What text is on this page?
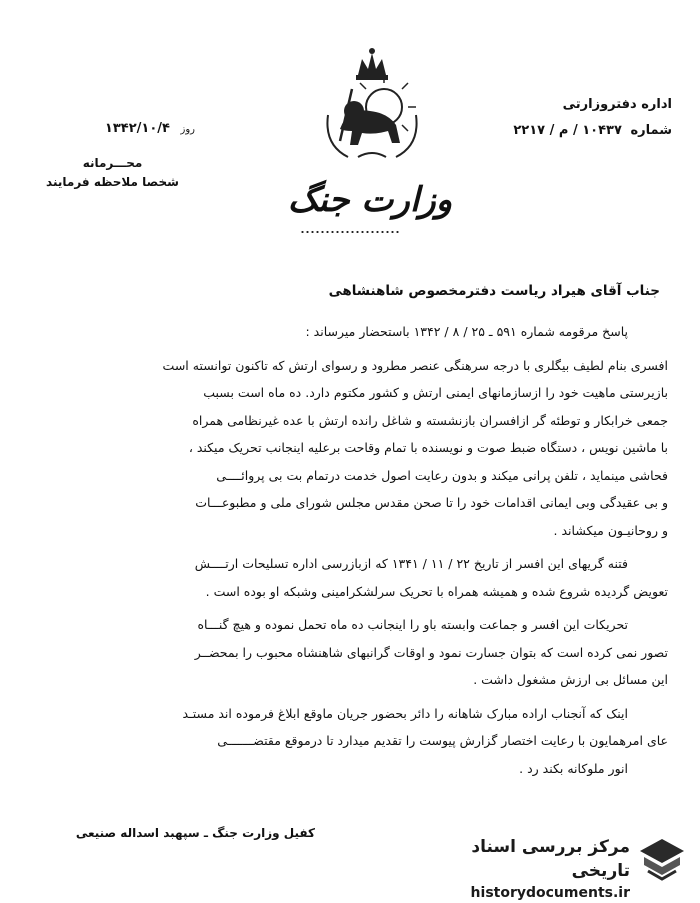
اداره دفتروزارتی
شماره ۱۰۴۳۷ / م / ۲۲۱۷
روز ۱۳۴۲/۱۰/۴
محـــرمانه
شخصا ملاحظه فرمایند	وزارت جنگ
جناب آقای هیراد ریاست دفترمخصوص شاهنشاهی

پاسخ مرقومه شماره ۵۹۱ ـ ۲۵ / ۸ / ۱۳۴۲ باستحضار میرساند :

افسری بنام لطیف بیگلری با درجه سرهنگی عنصر مطرود و رسوای ارتش که تاکنون توانسته است

بازیرستی ماهیت خود را ازسازمانهای ایمنی ارتش و کشور مکتوم دارد. ده ماه است بسبب

جمعی خرابکار و توطئه گر ازافسران بازنشسته و شاغل رانده ارتش با عده غیرنظامی همراه

با ماشین نویس ، دستگاه ضبط صوت و نویسنده با تمام وقاحت برعلیه اینجانب تحریک میکند ،

فحاشی مینماید ، تلفن پرانی میکند و بدون رعایت اصول خدمت درتمام بت بی پروائــــی

و بی عقیدگی وبی ایمانی اقدامات خود را تا صحن مقدس مجلس شورای ملی و مطبوعـــات

و روحانیـون میکشاند .

فتنه گریهای این افسر از تاریخ ۲۲ / ۱۱ / ۱۳۴۱ که ازبازرسی اداره تسلیحات ارتــــش

تعویض گردیده شروع شده و همیشه همراه با تحریک سرلشکرامینی وشبکه او بوده است .

تحریکات این افسر و جماعت وابسته باو را اینجانب ده ماه تحمل نموده و هیچ گنـــاه

تصور نمی کرده است که بتوان جسارت نمود و اوقات گرانبهای شاهنشاه محبوب را بمحضــر

این مسائل بی ارزش مشغول داشت .

اینک که آنجناب اراده مبارک شاهانه را دائر بحضور جریان ماوقع ابلاغ فرموده اند مستـد

عای امرهمایون با رعایت اختصار گزارش پیوست را تقدیم میدارد تا درموقع مقتضـــــــی

انور ملوکانه بکند رد .

کفیل وزارت جنگ ـ سپهبد اسداله صنیعی
مرکز بررسی اسناد تاریخی
historydocuments.ir
